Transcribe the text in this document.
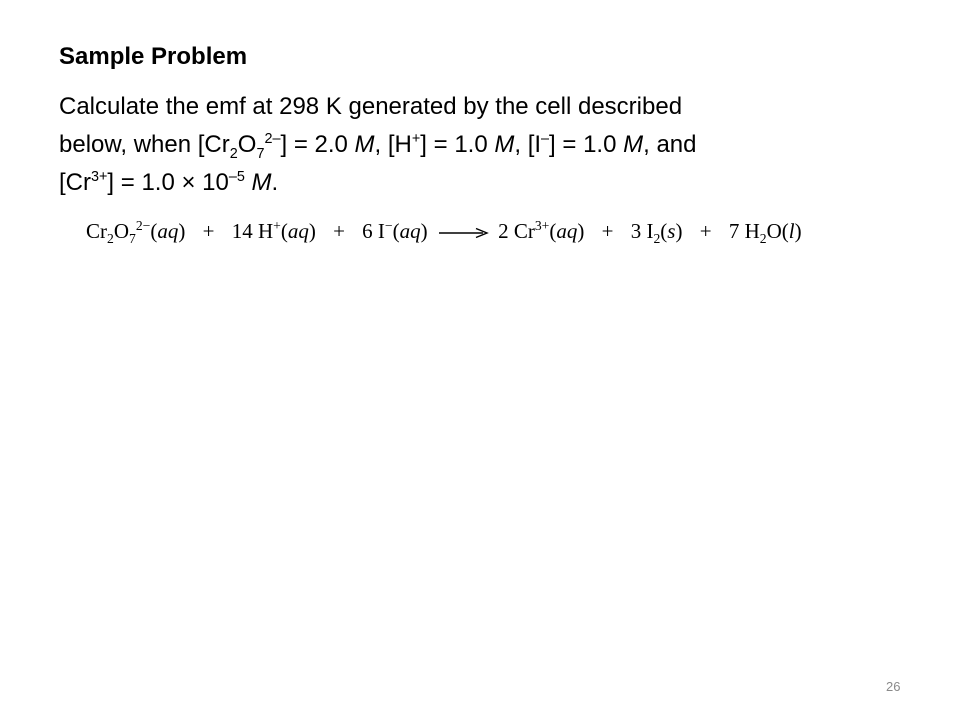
Sample Problem
Calculate the emf at 298 K generated by the cell described
below, when $[Cr_2O_7^{2-}] = 2.0$ M, [H+] = 1.0 M, [I–] = 1.0 M, and
$[Cr^{3+}] = 1.0 \times 10^{-5}$ M.
$Cr_2O_7^{2-}(aq) + 14$ H+(aq) + 6 I−(aq) → 2 $Cr^{3+}(aq) + 3$ $I_2(s) + 7$ $H_2O(l)$
26
